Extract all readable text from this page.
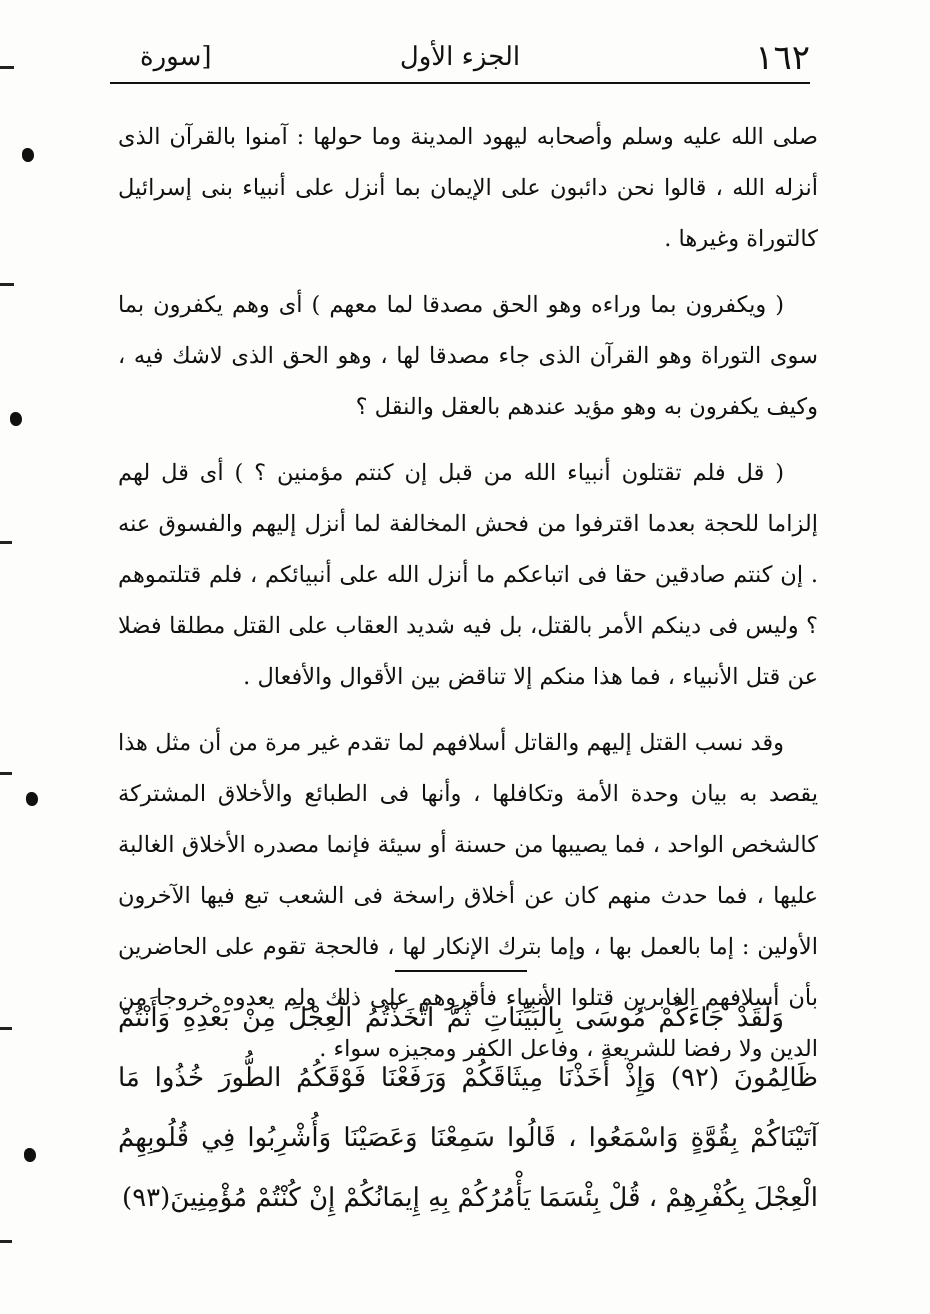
١٦٢
الجزء الأول
[سورة

صلى الله عليه وسلم وأصحابه ليهود المدينة وما حولها : آمنوا بالقرآن الذى أنزله الله ، قالوا نحن دائبون على الإيمان بما أنزل على أنبياء بنى إسرائيل كالتوراة وغيرها .

( ويكفرون بما وراءه وهو الحق مصدقا لما معهم ) أى وهم يكفرون بما سوى التوراة وهو القرآن الذى جاء مصدقا لها ، وهو الحق الذى لاشك فيه ، وكيف يكفرون به وهو مؤيد عندهم بالعقل والنقل ؟

( قل فلم تقتلون أنبياء الله من قبل إن كنتم مؤمنين ؟ ) أى قل لهم إلزاما للحجة بعدما اقترفوا من فحش المخالفة لما أنزل إليهم والفسوق عنه . إن كنتم صادقين حقا فى اتباعكم ما أنزل الله على أنبيائكم ، فلم قتلتموهم ؟ وليس فى دينكم الأمر بالقتل، بل فيه شديد العقاب على القتل مطلقا فضلا عن قتل الأنبياء ، فما هذا منكم إلا تناقض بين الأقوال والأفعال .

وقد نسب القتل إليهم والقاتل أسلافهم لما تقدم غير مرة من أن مثل هذا يقصد به بيان وحدة الأمة وتكافلها ، وأنها فى الطبائع والأخلاق المشتركة كالشخص الواحد ، فما يصيبها من حسنة أو سيئة فإنما مصدره الأخلاق الغالبة عليها ، فما حدث منهم كان عن أخلاق راسخة فى الشعب تبع فيها الآخرون الأولين : إما بالعمل بها ، وإما بترك الإنكار لها ، فالحجة تقوم على الحاضرين بأن أسلافهم الغابرين قتلوا الأنبياء فأقروهم على ذلك ولم يعدوه خروجا من الدين ولا رفضا للشريعة ، وفاعل الكفر ومجيزه سواء .

وَلَقَدْ جَاءَكُمْ مُوسَى بِالْبَيِّنَاتِ ثُمَّ اتَّخَذْتُمُ الْعِجْلَ مِنْ بَعْدِهِ وَأَنْتُمْ ظَالِمُونَ (٩٢) وَإِذْ أَخَذْنَا مِيثَاقَكُمْ وَرَفَعْنَا فَوْقَكُمُ الطُّورَ خُذُوا مَا آتَيْنَاكُمْ بِقُوَّةٍ وَاسْمَعُوا ، قَالُوا سَمِعْنَا وَعَصَيْنَا وَأُشْرِبُوا فِي قُلُوبِهِمُ الْعِجْلَ بِكُفْرِهِمْ ، قُلْ بِئْسَمَا يَأْمُرُكُمْ بِهِ إِيمَانُكُمْ إِنْ كُنْتُمْ مُؤْمِنِينَ(٩٣)
